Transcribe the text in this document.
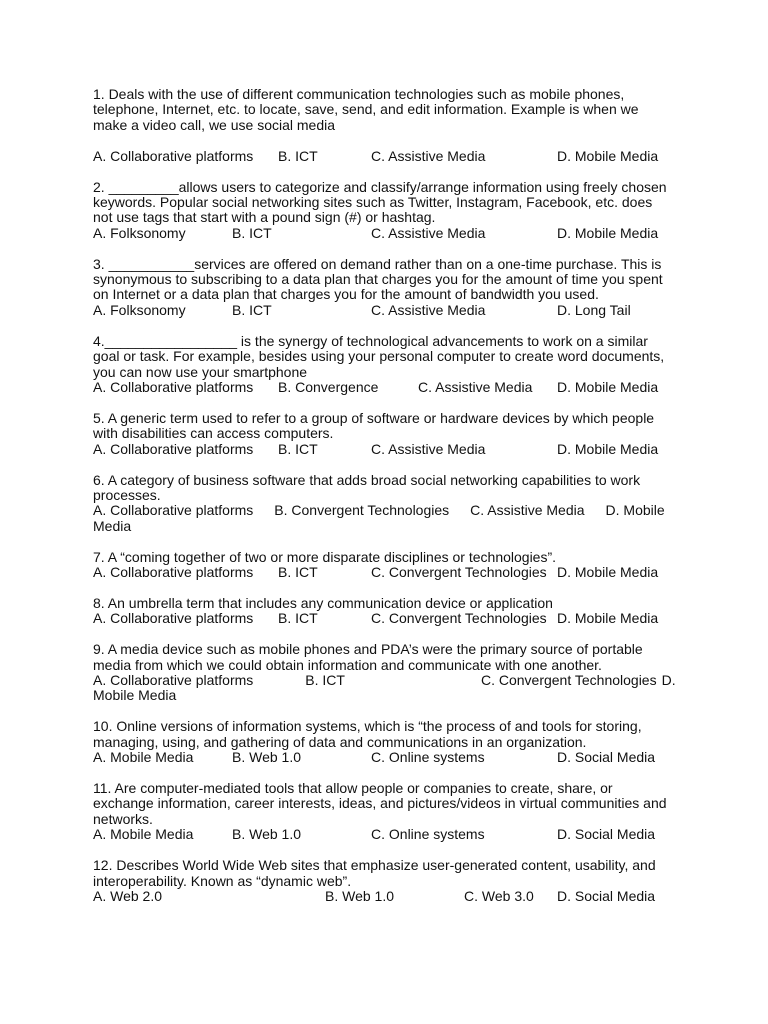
1. Deals with the use of different communication technologies such as mobile phones,
telephone, Internet, etc. to locate, save, send, and edit information. Example is when we
make a video call, we use social media
A. Collaborative platforms B. ICT	C. Assistive Media	D. Mobile Media
2. _________allows users to categorize and classify/arrange information using freely chosen
keywords. Popular social networking sites such as Twitter, Instagram, Facebook, etc. does
not use tags that start with a pound sign (#) or hashtag.
A. Folksonomy	B. ICT	C. Assistive Media	D. Mobile Media
3. ___________services are offered on demand rather than on a one-time purchase. This is
synonymous to subscribing to a data plan that charges you for the amount of time you spent
on Internet or a data plan that charges you for the amount of bandwidth you used.
A. Folksonomy	B. ICT	C. Assistive Media	D. Long Tail
4._________________ is the synergy of technological advancements to work on a similar
goal or task. For example, besides using your personal computer to create word documents,
you can now use your smartphone
A. Collaborative platforms B. Convergence	C. Assistive Media D. Mobile Media
5. A generic term used to refer to a group of software or hardware devices by which people
with disabilities can access computers.
A. Collaborative platforms B. ICT	C. Assistive Media	D. Mobile Media
6. A category of business software that adds broad social networking capabilities to work
processes.
A. Collaborative platforms B. Convergent Technologies C. Assistive Media D. Mobile Media
7. A “coming together of two or more disparate disciplines or technologies”.
A. Collaborative platforms B. ICT	C. Convergent Technologies D. Mobile Media
8. An umbrella term that includes any communication device or application
A. Collaborative platforms B. ICT	C. Convergent Technologies D. Mobile Media
9. A media device such as mobile phones and PDA’s were the primary source of portable
media from which we could obtain information and communicate with one another.
A. Collaborative platforms	B. ICT	C. Convergent Technologies D. Mobile Media
10. Online versions of information systems, which is “the process of and tools for storing,
managing, using, and gathering of data and communications in an organization.
A. Mobile Media	B. Web 1.0	C. Online systems	D. Social Media
11. Are computer-mediated tools that allow people or companies to create, share, or
exchange information, career interests, ideas, and pictures/videos in virtual communities and
networks.
A. Mobile Media	B. Web 1.0	C. Online systems	D. Social Media
12. Describes World Wide Web sites that emphasize user-generated content, usability, and
interoperability. Known as “dynamic web”.
A. Web 2.0	B. Web 1.0	C. Web 3.0 D. Social Media
